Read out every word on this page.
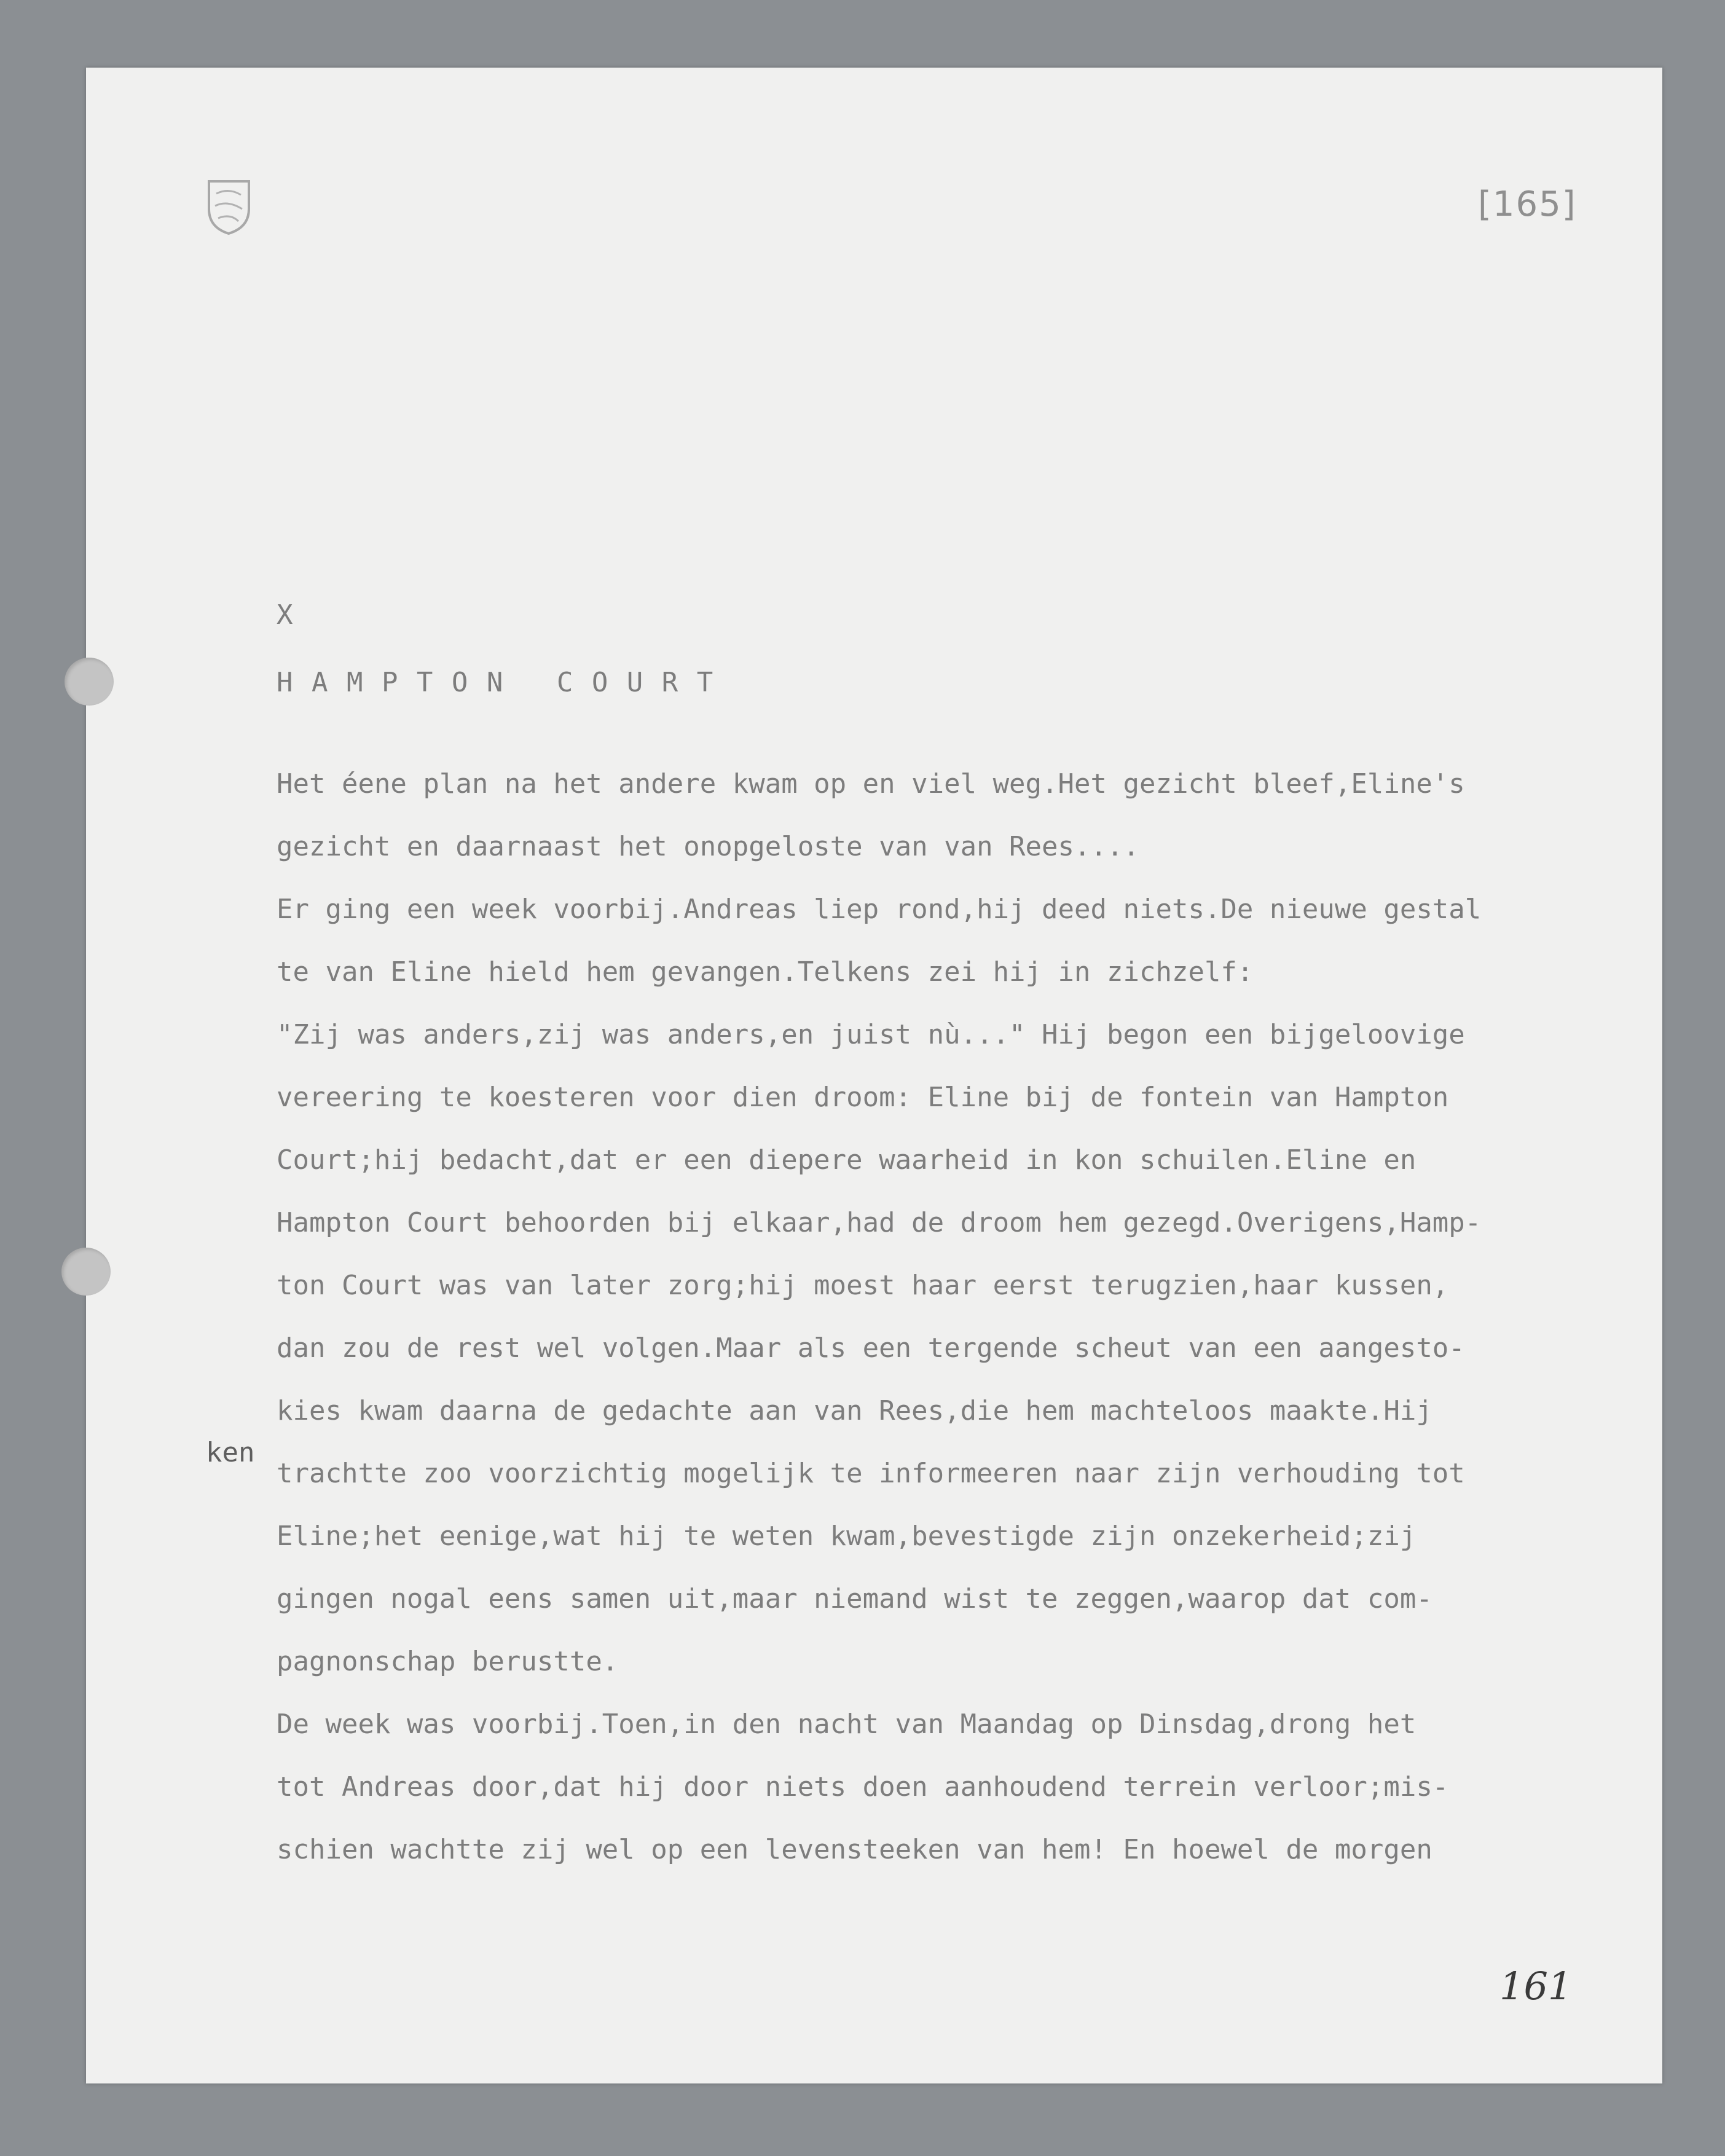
[165]
X
H A M P T O N   C O U R T
ken
Het éene plan na het andere kwam op en viel weg.Het gezicht bleef,Eline's
gezicht en daarnaast het onopgeloste van van Rees....
Er ging een week voorbij.Andreas liep rond,hij deed niets.De nieuwe gestal
te van Eline hield hem gevangen.Telkens zei hij in zichzelf:
"Zij was anders,zij was anders,en juist nù..." Hij begon een bijgeloovige
vereering te koesteren voor dien droom: Eline bij de fontein van Hampton
Court;hij bedacht,dat er een diepere waarheid in kon schuilen.Eline en
Hampton Court behoorden bij elkaar,had de droom hem gezegd.Overigens,Hamp-
ton Court was van later zorg;hij moest haar eerst terugzien,haar kussen,
dan zou de rest wel volgen.Maar als een tergende scheut van een aangesto-
kies kwam daarna de gedachte aan van Rees,die hem machteloos maakte.Hij
trachtte zoo voorzichtig mogelijk te informeeren naar zijn verhouding tot
Eline;het eenige,wat hij te weten kwam,bevestigde zijn onzekerheid;zij
gingen nogal eens samen uit,maar niemand wist te zeggen,waarop dat com-
pagnonschap berustte.
De week was voorbij.Toen,in den nacht van Maandag op Dinsdag,drong het
tot Andreas door,dat hij door niets doen aanhoudend terrein verloor;mis-
schien wachtte zij wel op een levensteeken van hem! En hoewel de morgen
161
